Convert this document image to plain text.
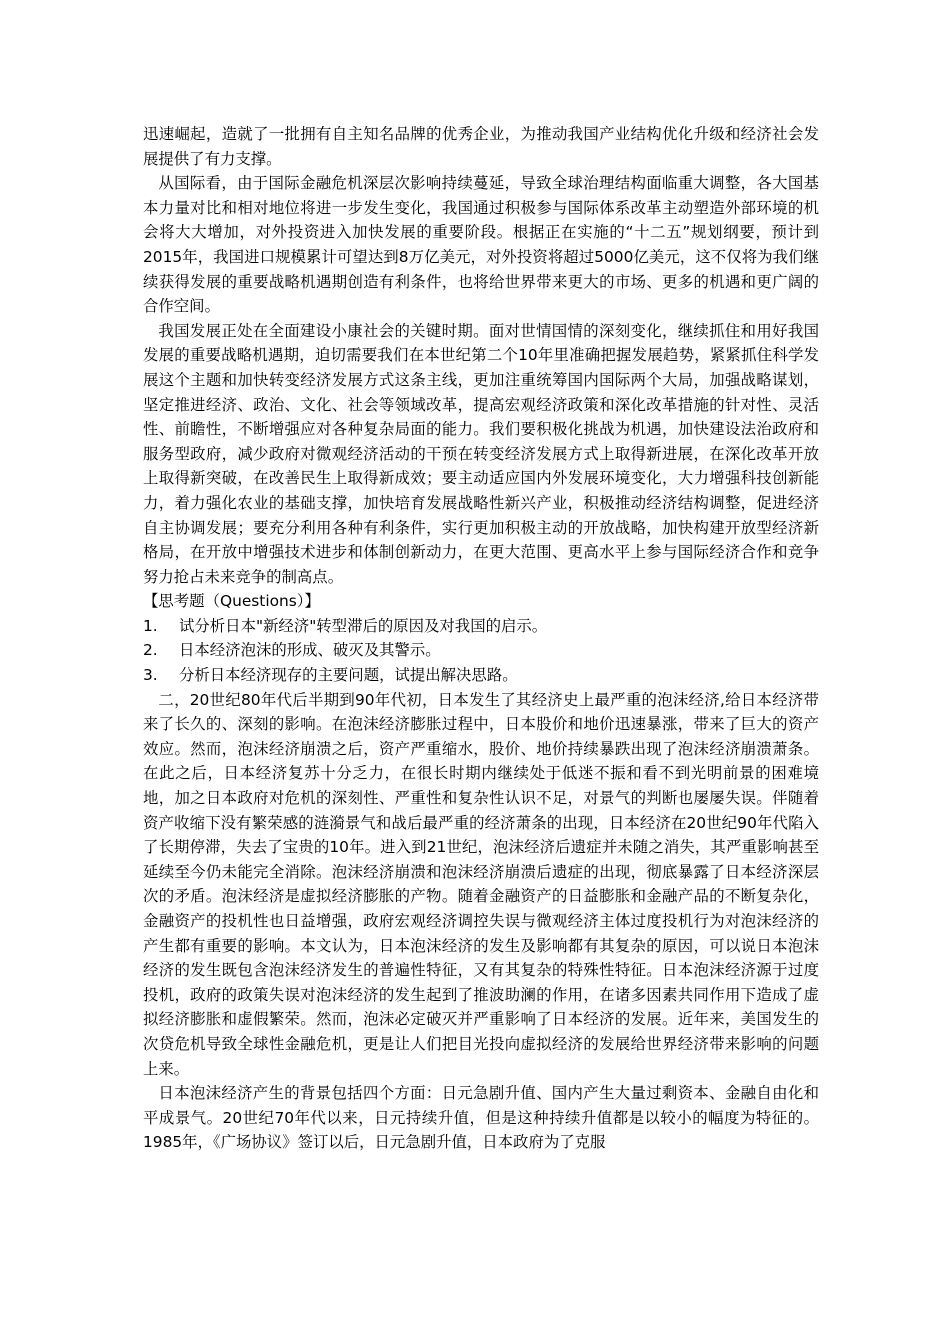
迅速崛起，造就了一批拥有自主知名品牌的优秀企业，为推动我国产业结构优化升级和经济社会发展提供了有力支撑。

从国际看，由于国际金融危机深层次影响持续蔓延，导致全球治理结构面临重大调整，各大国基本力量对比和相对地位将进一步发生变化，我国通过积极参与国际体系改革主动塑造外部环境的机会将大大增加，对外投资进入加快发展的重要阶段。根据正在实施的“十二五”规划纲要，预计到2015年，我国进口规模累计可望达到8万亿美元，对外投资将超过5000亿美元，这不仅将为我们继续获得发展的重要战略机遇期创造有利条件，也将给世界带来更大的市场、更多的机遇和更广阔的合作空间。

我国发展正处在全面建设小康社会的关键时期。面对世情国情的深刻变化，继续抓住和用好我国发展的重要战略机遇期，迫切需要我们在本世纪第二个10年里准确把握发展趋势，紧紧抓住科学发展这个主题和加快转变经济发展方式这条主线，更加注重统筹国内国际两个大局，加强战略谋划，坚定推进经济、政治、文化、社会等领域改革，提高宏观经济政策和深化改革措施的针对性、灵活性、前瞻性，不断增强应对各种复杂局面的能力。我们要积极化挑战为机遇，加快建设法治政府和服务型政府，减少政府对微观经济活动的干预在转变经济发展方式上取得新进展，在深化改革开放上取得新突破，在改善民生上取得新成效；要主动适应国内外发展环境变化，大力增强科技创新能力，着力强化农业的基础支撑，加快培育发展战略性新兴产业，积极推动经济结构调整，促进经济自主协调发展；要充分利用各种有利条件，实行更加积极主动的开放战略，加快构建开放型经济新格局，在开放中增强技术进步和体制创新动力，在更大范围、更高水平上参与国际经济合作和竞争努力抢占未来竞争的制高点。

【思考题（Questions）】

1. 试分析日本"新经济"转型滞后的原因及对我国的启示。

2. 日本经济泡沫的形成、破灭及其警示。

3. 分析日本经济现存的主要问题，试提出解决思路。

二，20世纪80年代后半期到90年代初，日本发生了其经济史上最严重的泡沫经济,给日本经济带来了长久的、深刻的影响。在泡沫经济膨胀过程中，日本股价和地价迅速暴涨，带来了巨大的资产效应。然而，泡沫经济崩溃之后，资产严重缩水，股价、地价持续暴跌出现了泡沫经济崩溃萧条。在此之后，日本经济复苏十分乏力，在很长时期内继续处于低迷不振和看不到光明前景的困难境地，加之日本政府对危机的深刻性、严重性和复杂性认识不足，对景气的判断也屡屡失误。伴随着资产收缩下没有繁荣感的涟漪景气和战后最严重的经济萧条的出现，日本经济在20世纪90年代陷入了长期停滞，失去了宝贵的10年。进入到21世纪，泡沫经济后遗症并未随之消失，其严重影响甚至延续至今仍未能完全消除。泡沫经济崩溃和泡沫经济崩溃后遗症的出现，彻底暴露了日本经济深层次的矛盾。泡沫经济是虚拟经济膨胀的产物。随着金融资产的日益膨胀和金融产品的不断复杂化，金融资产的投机性也日益增强，政府宏观经济调控失误与微观经济主体过度投机行为对泡沫经济的产生都有重要的影响。本文认为，日本泡沫经济的发生及影响都有其复杂的原因，可以说日本泡沫经济的发生既包含泡沫经济发生的普遍性特征，又有其复杂的特殊性特征。日本泡沫经济源于过度投机，政府的政策失误对泡沫经济的发生起到了推波助澜的作用，在诸多因素共同作用下造成了虚拟经济膨胀和虚假繁荣。然而，泡沫必定破灭并严重影响了日本经济的发展。近年来，美国发生的次贷危机导致全球性金融危机，更是让人们把目光投向虚拟经济的发展给世界经济带来影响的问题上来。

日本泡沫经济产生的背景包括四个方面：日元急剧升值、国内产生大量过剩资本、金融自由化和平成景气。20世纪70年代以来，日元持续升值，但是这种持续升值都是以较小的幅度为特征的。1985年，《广场协议》签订以后，日元急剧升值，日本政府为了克服
